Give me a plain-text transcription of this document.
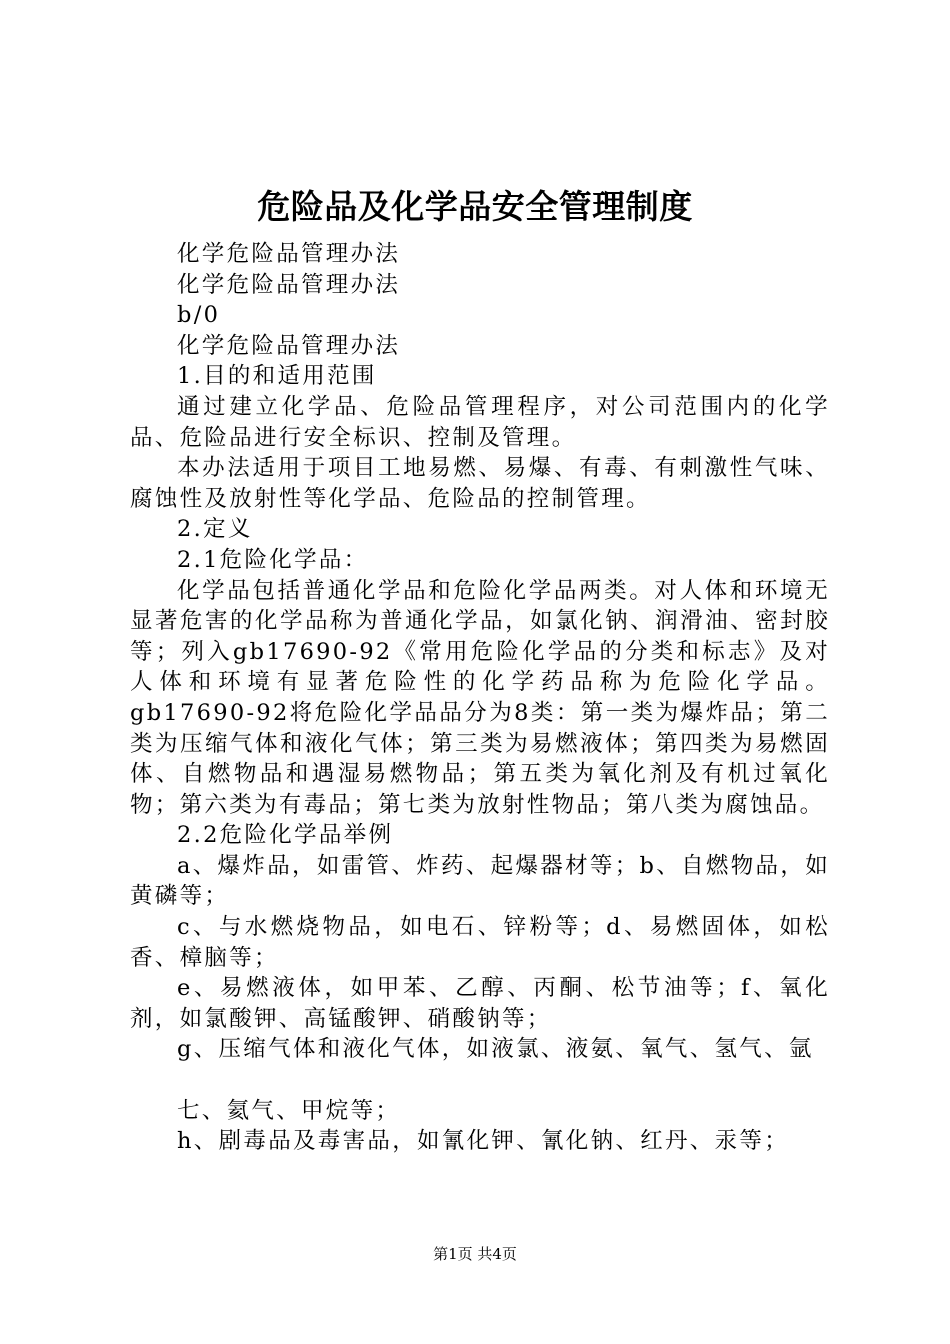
危险品及化学品安全管理制度

化学危险品管理办法

化学危险品管理办法

b/0

化学危险品管理办法

1.目的和适用范围

通过建立化学品、危险品管理程序，对公司范围内的化学品、危险品进行安全标识、控制及管理。

本办法适用于项目工地易燃、易爆、有毒、有刺激性气味、腐蚀性及放射性等化学品、危险品的控制管理。

2.定义

2.1危险化学品：

化学品包括普通化学品和危险化学品两类。对人体和环境无显著危害的化学品称为普通化学品，如氯化钠、润滑油、密封胶等；列入gb17690-92《常用危险化学品的分类和标志》及对人体和环境有显著危险性的化学药品称为危险化学品。gb17690-92将危险化学品品分为8类：第一类为爆炸品；第二类为压缩气体和液化气体；第三类为易燃液体；第四类为易燃固体、自燃物品和遇湿易燃物品；第五类为氧化剂及有机过氧化物；第六类为有毒品；第七类为放射性物品；第八类为腐蚀品。

2.2危险化学品举例

a、爆炸品，如雷管、炸药、起爆器材等；b、自燃物品，如黄磷等；

c、与水燃烧物品，如电石、锌粉等；d、易燃固体，如松香、樟脑等；

e、易燃液体，如甲苯、乙醇、丙酮、松节油等；f、氧化剂，如氯酸钾、高锰酸钾、硝酸钠等；

g、压缩气体和液化气体，如液氯、液氨、氧气、氢气、氩

七、氦气、甲烷等；

h、剧毒品及毒害品，如氰化钾、氰化钠、红丹、汞等；

第1页 共4页
